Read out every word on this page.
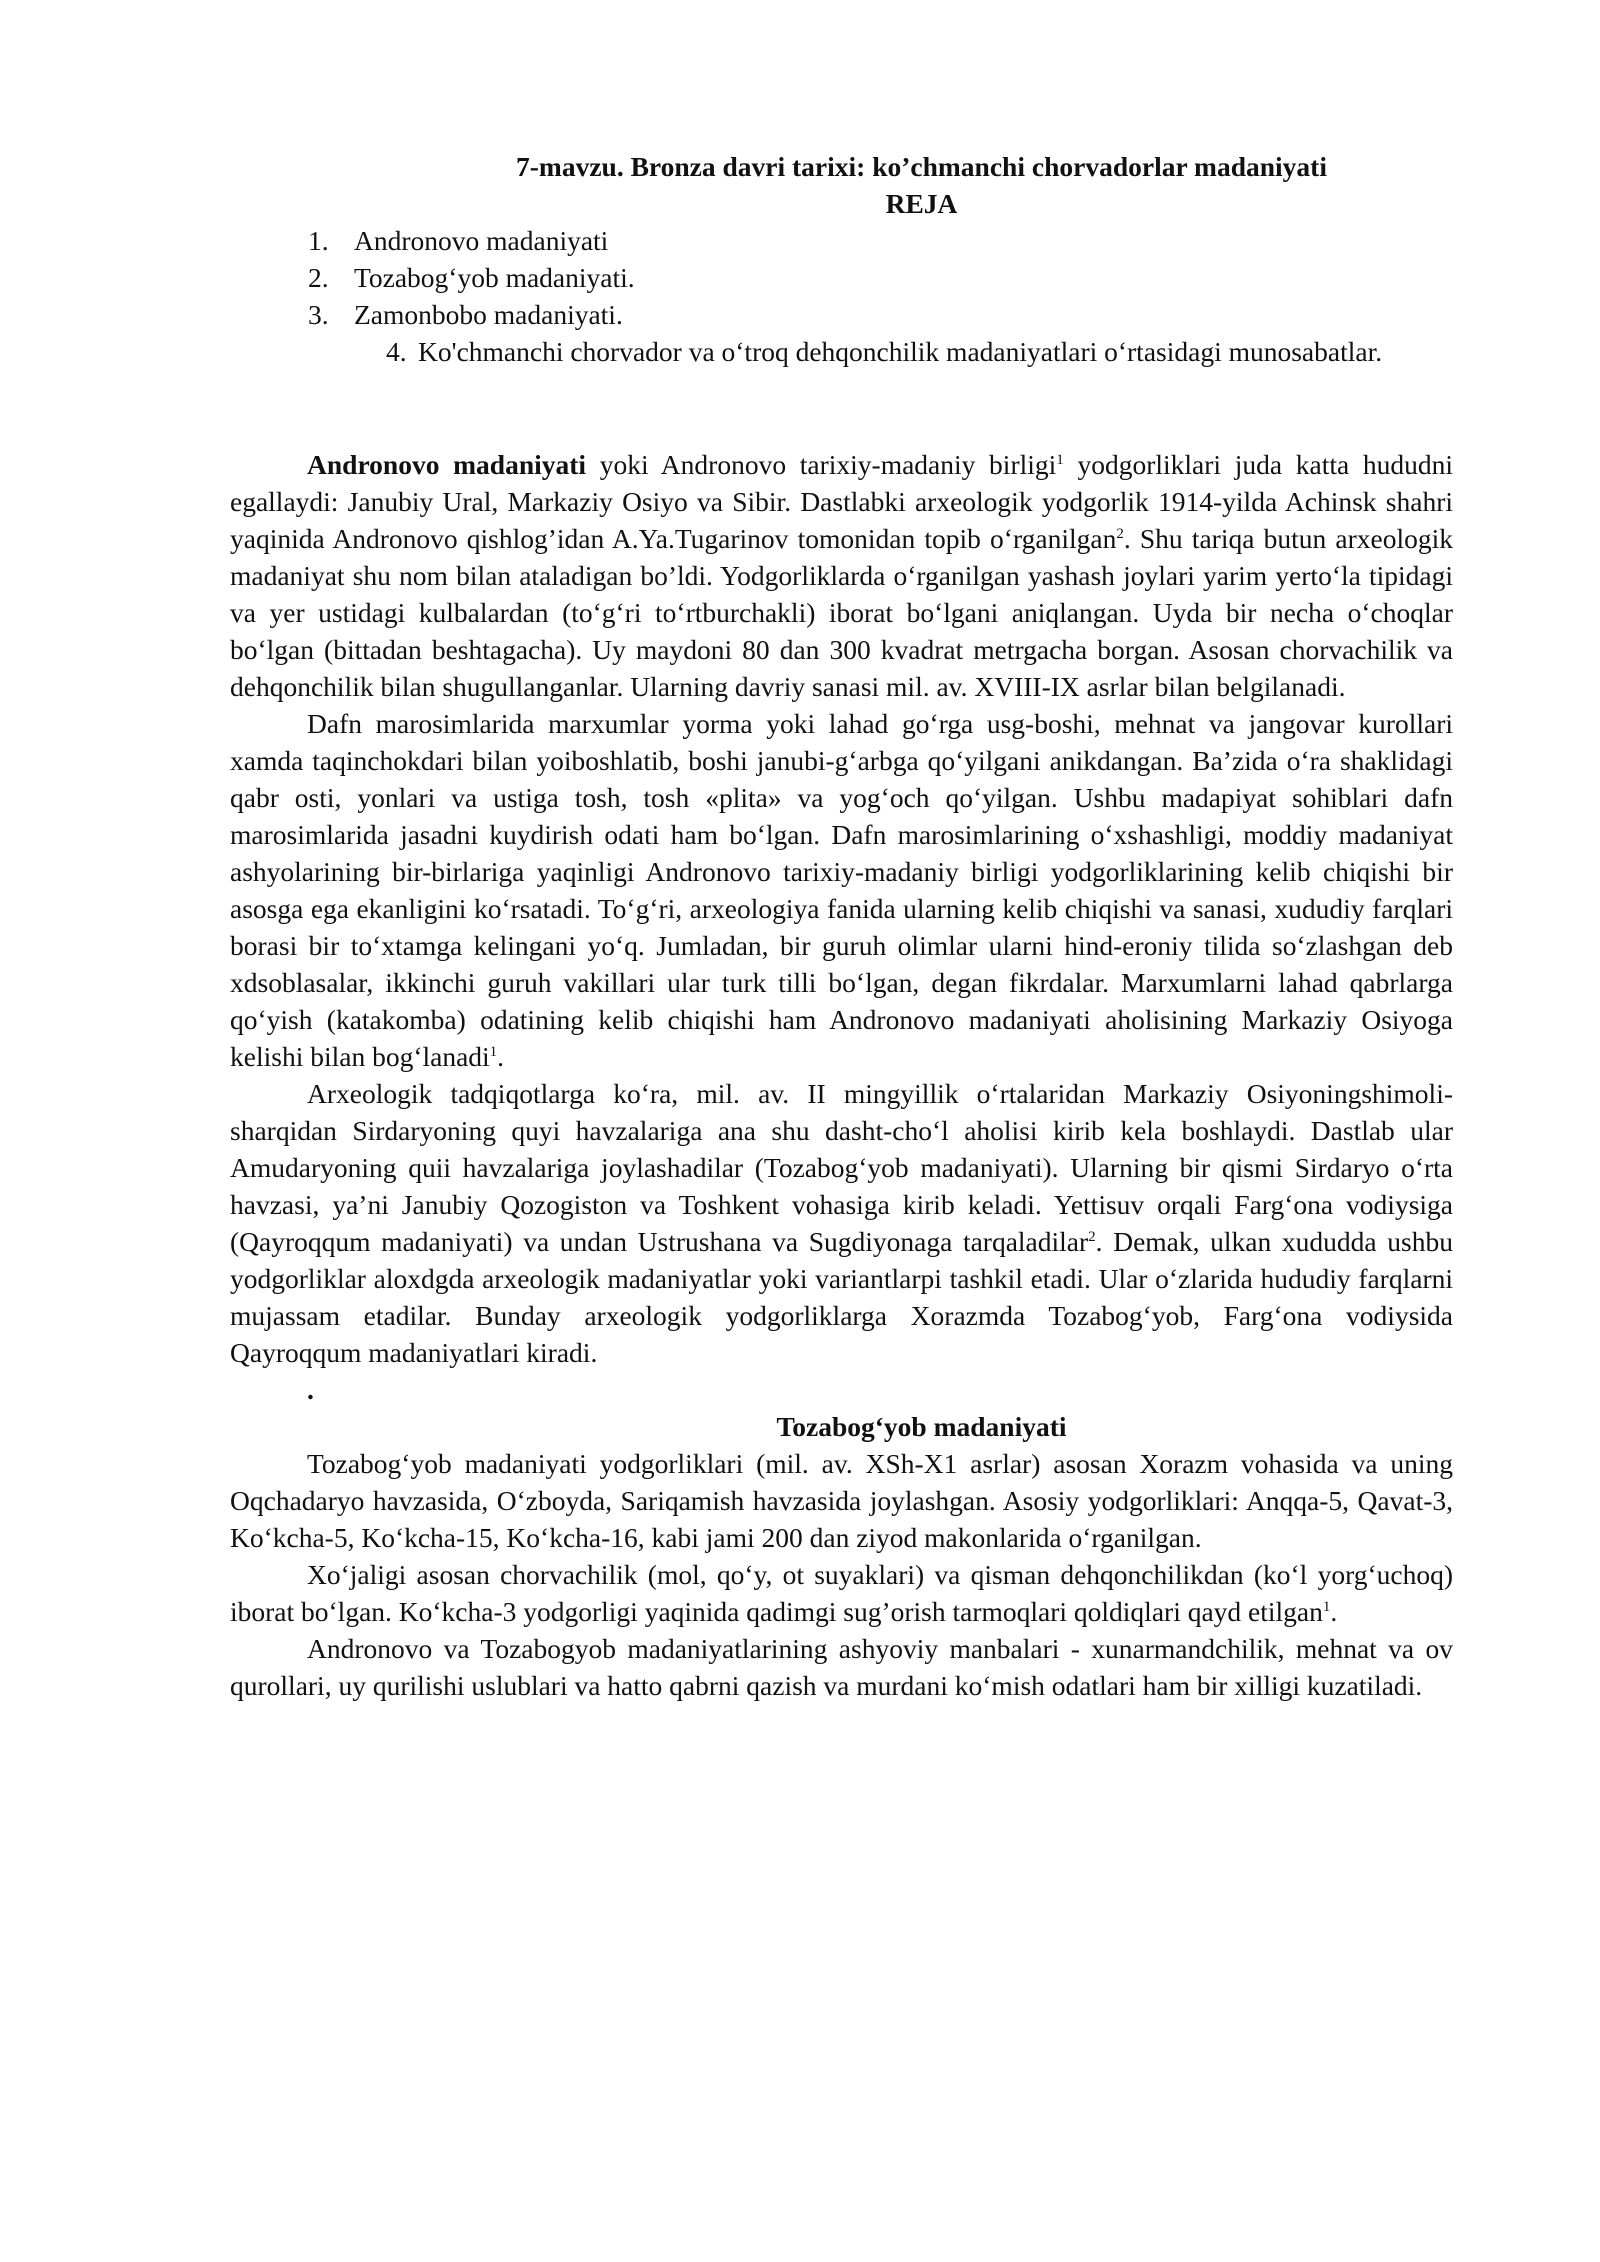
7-mavzu. Bronza davri tarixi: ko’chmanchi chorvadorlar madaniyati
REJA
1. Andronovo madaniyati
2. Tozabog‘yob madaniyati.
3. Zamonbobo madaniyati.
4. Ko'chmanchi chorvador va o‘troq dehqonchilik madaniyatlari o‘rtasidagi munosabatlar.

Andronovo madaniyati yoki Andronovo tarixiy-madaniy birligi$^1$ yodgorliklari juda katta hududni egallaydi: Janubiy Ural, Markaziy Osiyo va Sibir. Dastlabki arxeologik yodgorlik 1914-yilda Achinsk shahri yaqinida Andronovo qishlog’idan A.Ya.Tugarinov tomonidan topib o‘rganilgan$^2$. Shu tariqa butun arxeologik madaniyat shu nom bilan ataladigan bo’ldi. Yodgorliklarda o‘rganilgan yashash joylari yarim yerto‘la tipidagi va yer ustidagi kulbalardan (to‘g‘ri to‘rtburchakli) iborat bo‘lgani aniqlangan. Uyda bir necha o‘choqlar bo‘lgan (bittadan beshtagacha). Uy maydoni 80 dan 300 kvadrat metrgacha borgan. Asosan chorvachilik va dehqonchilik bilan shugullanganlar. Ularning davriy sanasi mil. av. XVIII-IX asrlar bilan belgilanadi.

Dafn marosimlarida marxumlar yorma yoki lahad go‘rga usg-boshi, mehnat va jangovar kurollari xamda taqinchokdari bilan yoiboshlatib, boshi janubi-g‘arbga qo‘yilgani anikdangan. Ba’zida o‘ra shaklidagi qabr osti, yonlari va ustiga tosh, tosh «plita» va yog‘och qo‘yilgan. Ushbu madapiyat sohiblari dafn marosimlarida jasadni kuydirish odati ham bo‘lgan. Dafn marosimlarining o‘xshashligi, moddiy madaniyat ashyolarining bir-birlariga yaqinligi Andronovo tarixiy-madaniy birligi yodgorliklarining kelib chiqishi bir asosga ega ekanligini ko‘rsatadi. To‘g‘ri, arxeologiya fanida ularning kelib chiqishi va sanasi, xududiy farqlari borasi bir to‘xtamga kelingani yo‘q. Jumladan, bir guruh olimlar ularni hind-eroniy tilida so‘zlashgan deb xdsoblasalar, ikkinchi guruh vakillari ular turk tilli bo‘lgan, degan fikrdalar. Marxumlarni lahad qabrlarga qo‘yish (katakomba) odatining kelib chiqishi ham Andronovo madaniyati aholisining Markaziy Osiyoga kelishi bilan bog‘lanadi$^1$.

Arxeologik tadqiqotlarga ko‘ra, mil. av. II mingyillik o‘rtalaridan Markaziy Osiyoningshimoli-sharqidan Sirdaryoning quyi havzalariga ana shu dasht-cho‘l aholisi kirib kela boshlaydi. Dastlab ular Amudaryoning quii havzalariga joylashadilar (Tozabog‘yob madaniyati). Ularning bir qismi Sirdaryo o‘rta havzasi, ya’ni Janubiy Qozogiston va Toshkent vohasiga kirib keladi. Yettisuv orqali Farg‘ona vodiysiga (Qayroqqum madaniyati) va undan Ustrushana va Sugdiyonaga tarqaladilar$^2$. Demak, ulkan xududda ushbu yodgorliklar aloxdgda arxeologik madaniyatlar yoki variantlarpi tashkil etadi. Ular o‘zlarida hududiy farqlarni mujassam etadilar. Bunday arxeologik yodgorliklarga Xorazmda Tozabog‘yob, Farg‘ona vodiysida Qayroqqum madaniyatlari kiradi.

.
Tozabog‘yob madaniyati

Tozabog‘yob madaniyati yodgorliklari (mil. av. XSh-X1 asrlar) asosan Xorazm vohasida va uning Oqchadaryo havzasida, O‘zboyda, Sariqamish havzasida joylashgan. Asosiy yodgorliklari: Anqqa-5, Qavat-3, Ko‘kcha-5, Ko‘kcha-15, Ko‘kcha-16, kabi jami 200 dan ziyod makonlarida o‘rganilgan.

Xo‘jaligi asosan chorvachilik (mol, qo‘y, ot suyaklari) va qisman dehqonchilikdan (ko‘l yorg‘uchoq) iborat bo‘lgan. Ko‘kcha-3 yodgorligi yaqinida qadimgi sug’orish tarmoqlari qoldiqlari qayd etilgan$^1$.

Andronovo va Tozabogyob madaniyatlarining ashyoviy manbalari - xunarmandchilik, mehnat va ov qurollari, uy qurilishi uslublari va hatto qabrni qazish va murdani ko‘mish odatlari ham bir xilligi kuzatiladi.
